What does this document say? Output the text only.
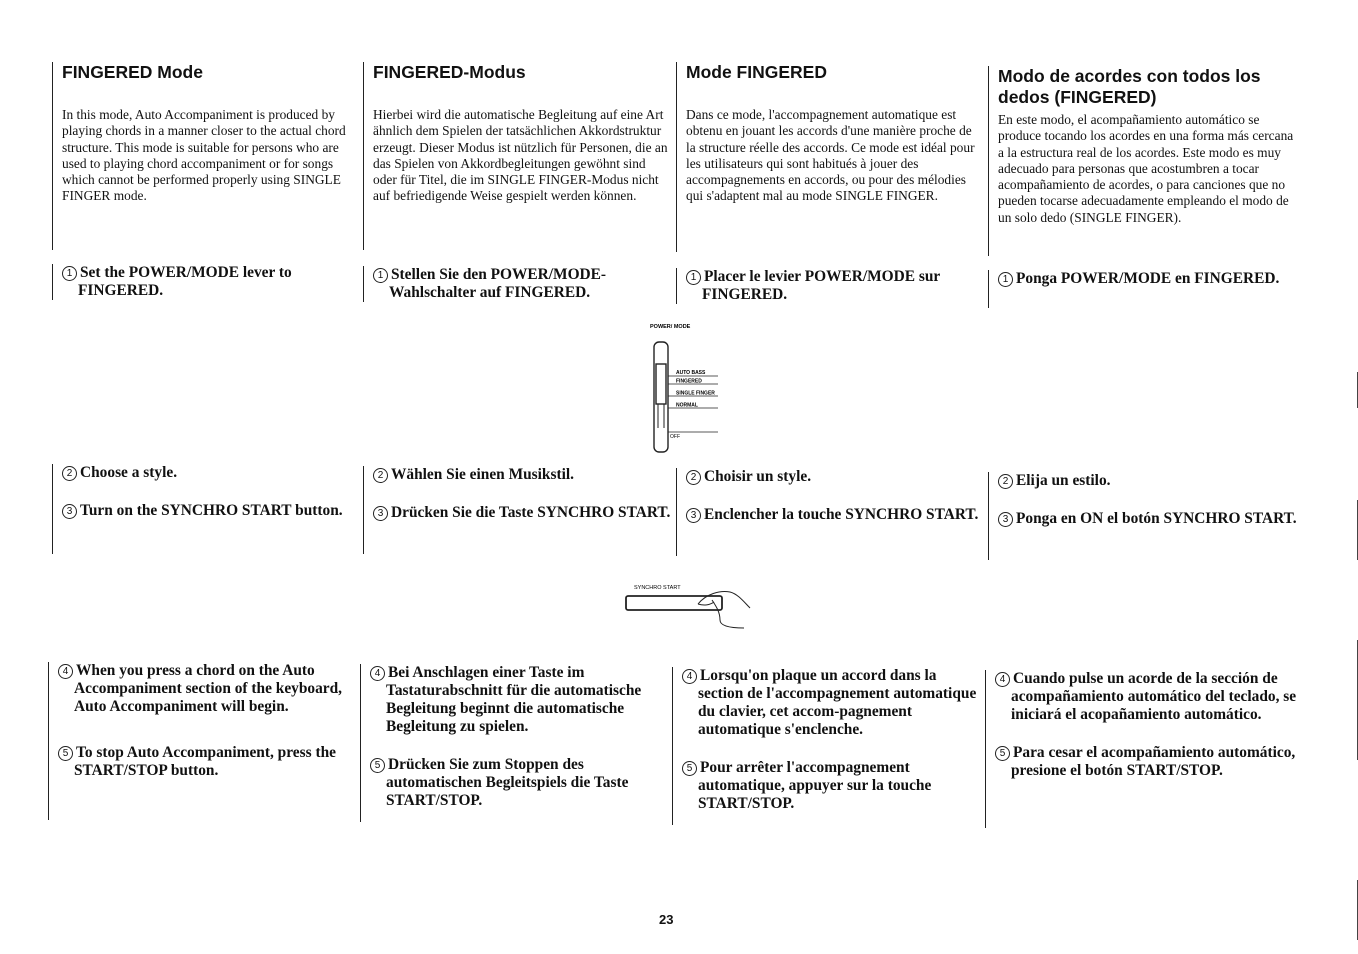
FINGERED Mode

In this mode, Auto Accompaniment is produced by playing chords in a manner closer to the actual chord structure. This mode is suitable for persons who are used to playing chord accompaniment or for songs which cannot be performed properly using SINGLE FINGER mode.

1 Set the POWER/MODE lever to FINGERED.

2 Choose a style.

3 Turn on the SYNCHRO START button.

4 When you press a chord on the Auto Accompaniment section of the keyboard, Auto Accompaniment will begin.

5 To stop Auto Accompaniment, press the START/STOP button.

FINGERED-Modus

Hierbei wird die automatische Begleitung auf eine Art ähnlich dem Spielen der tatsächlichen Akkordstruktur erzeugt. Dieser Modus ist nützlich für Personen, die an das Spielen von Akkordbegleitungen gewöhnt sind oder für Titel, die im SINGLE FINGER-Modus nicht auf befriedigende Weise gespielt werden können.

1 Stellen Sie den POWER/MODE-Wahlschalter auf FINGERED.

2 Wählen Sie einen Musikstil.

3 Drücken Sie die Taste SYNCHRO START.

4 Bei Anschlagen einer Taste im Tastaturabschnitt für die automatische Begleitung beginnt die automatische Begleitung zu spielen.

5 Drücken Sie zum Stoppen des automatischen Begleitspiels die Taste START/STOP.

Mode FINGERED

Dans ce mode, l'accompagnement automatique est obtenu en jouant les accords d'une manière proche de la structure réelle des accords. Ce mode est idéal pour les utilisateurs qui sont habitués à jouer des accompagnements en accords, ou pour des mélodies qui s'adaptent mal au mode SINGLE FINGER.

1 Placer le levier POWER/MODE sur FINGERED.

2 Choisir un style.

3 Enclencher la touche SYNCHRO START.

4 Lorsqu'on plaque un accord dans la section de l'accompagnement automatique du clavier, cet accom-pagnement automatique s'enclenche.

5 Pour arrêter l'accompagnement automatique, appuyer sur la touche START/STOP.

Modo de acordes con todos los dedos (FINGERED)

En este modo, el acompañamiento automático se produce tocando los acordes en una forma más cercana a la estructura real de los acordes. Este modo es muy adecuado para personas que acostumbren a tocar acompañamiento de acordes, o para canciones que no pueden tocarse adecuadamente empleando el modo de un solo dedo (SINGLE FINGER).

1 Ponga POWER/MODE en FINGERED.

2 Elija un estilo.

3 Ponga en ON el botón SYNCHRO START.

4 Cuando pulse un acorde de la sección de acompañamiento automático del teclado, se iniciará el acopañamiento automático.

5 Para cesar el acompañamiento automático, presione el botón START/STOP.

POWER/ MODE
AUTO BASS
FINGERED
SINGLE FINGER
NORMAL
OFF
SYNCHRO START
23
